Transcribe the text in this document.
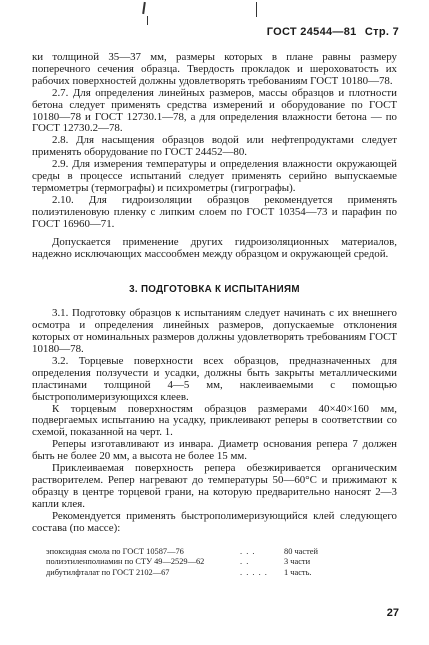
ГОСТ 24544—81 Стр. 7

ки толщиной 35—37 мм, размеры которых в плане равны размеру поперечного сечения образца. Твердость прокладок и шероховатость их рабочих поверхностей должны удовлетворять требованиям ГОСТ 10180—78.

2.7. Для определения линейных размеров, массы образцов и плотности бетона следует применять средства измерений и оборудование по ГОСТ 10180—78 и ГОСТ 12730.1—78, а для определения влажности бетона — по ГОСТ 12730.2—78.

2.8. Для насыщения образцов водой или нефтепродуктами следует применять оборудование по ГОСТ 24452—80.

2.9. Для измерения температуры и определения влажности окружающей среды в процессе испытаний следует применять серийно выпускаемые термометры (термографы) и психрометры (гигрографы).

2.10. Для гидроизоляции образцов рекомендуется применять полиэтиленовую пленку с липким слоем по ГОСТ 10354—73 и парафин по ГОСТ 16960—71.

Допускается применение других гидроизоляционных материалов, надежно исключающих массообмен между образцом и окружающей средой.

3. ПОДГОТОВКА К ИСПЫТАНИЯМ

3.1. Подготовку образцов к испытаниям следует начинать с их внешнего осмотра и определения линейных размеров, допускаемые отклонения которых от номинальных размеров должны удовлетворять требованиям ГОСТ 10180—78.

3.2. Торцевые поверхности всех образцов, предназначенных для определения ползучести и усадки, должны быть закрыты металлическими пластинами толщиной 4—5 мм, наклеиваемыми с помощью быстрополимеризующихся клеев.

К торцевым поверхностям образцов размерами 40×40×160 мм, подвергаемых испытанию на усадку, приклеивают реперы в соответствии со схемой, показанной на черт. 1.

Реперы изготавливают из инвара. Диаметр основания репера 7 должен быть не более 20 мм, а высота не более 15 мм.

Приклеиваемая поверхность репера обезжиривается органическим растворителем. Репер нагревают до температуры 50—60°С и прижимают к образцу в центре торцевой грани, на которую предварительно наносят 2—3 капли клея.

Рекомендуется применять быстрополимеризующийся клей следующего состава (по массе):

эпоксидная смола по ГОСТ 10587—76	. . .	80 частей
полиэтиленполиамин по СТУ 49—2529—62	. .	3 части
дибутилфталат по ГОСТ 2102—67	. . . . .	1 часть.
27
